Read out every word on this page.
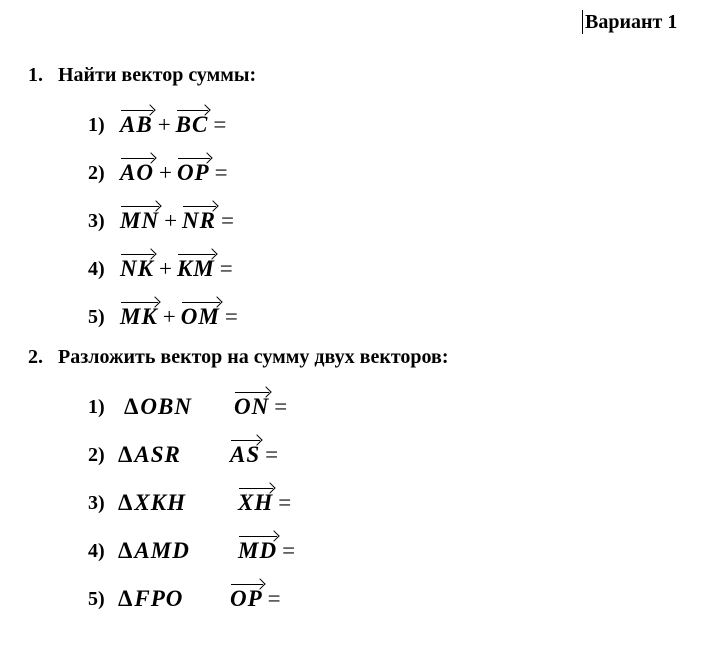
Вариант 1
1. Найти вектор суммы:
1) AB + BC =
2) AO + OP =
3) MN + NR =
4) NK + KM =
5) MK + OM =
2. Разложить вектор на сумму двух векторов:
1) ΔOBN ON =
2) ΔASR AS =
3) ΔXKH XH =
4) ΔAMD MD =
5) ΔFPO OP =
